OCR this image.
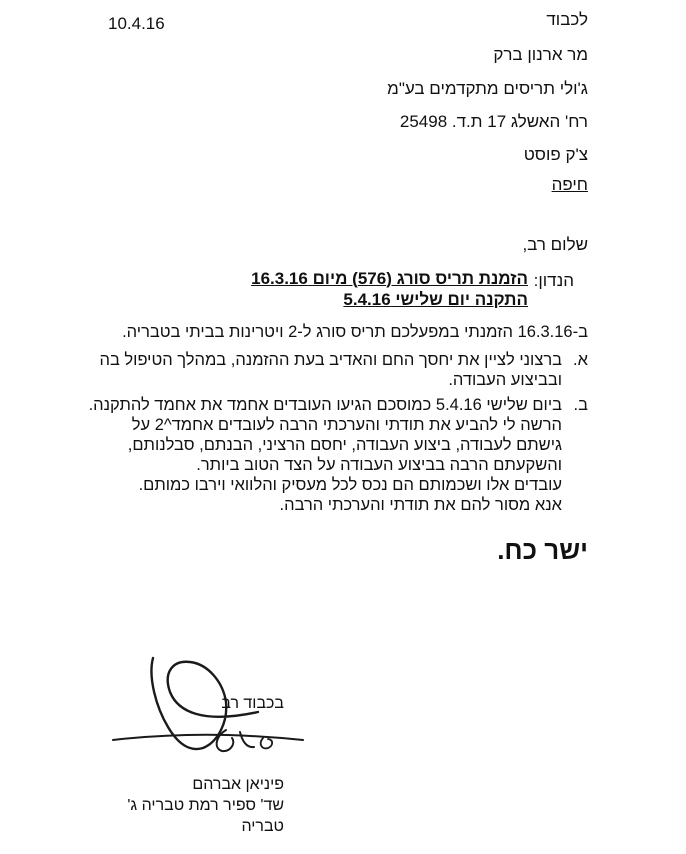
10.4.16	לכבוד
מר ארנון ברק
ג'ולי תריסים מתקדמים בע"מ
רח' האשלג 17 ת.ד. 25498
צ'ק פוסט
חיפה
שלום רב,
הנדון:
הזמנת תריס סורג (576) מיום 16.3.16
התקנה יום שלישי 5.4.16
ב-16.3.16 הזמנתי במפעלכם תריס סורג ל-2 ויטרינות בביתי בטבריה.
א.
ברצוני לציין את יחסך החם והאדיב בעת ההזמנה, במהלך הטיפול בה
ובביצוע העבודה.
ב.
ביום שלישי 5.4.16 כמוסכם הגיעו העובדים אחמד את אחמד להתקנה.
הרשה לי להביע את תודתי והערכתי הרבה לעובדים אחמד^2 על
גישתם לעבודה, ביצוע העבודה, יחסם הרציני, הבנתם, סבלנותם,
והשקעתם הרבה בביצוע העבודה על הצד הטוב ביותר.
עובדים אלו ושכמותם הם נכס לכל מעסיק והלוואי וירבו כמותם.
אנא מסור להם את תודתי והערכתי הרבה.
ישר כח.
בכבוד רב
פיניאן אברהם
שד' ספיר רמת טבריה ג'
טבריה
